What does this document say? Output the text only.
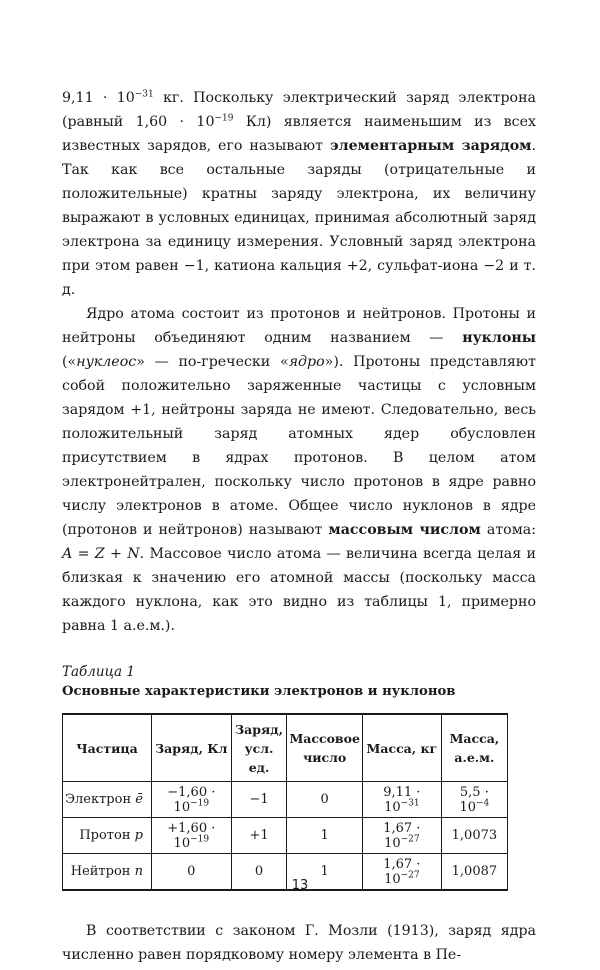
$9,11 \cdot 10^{-31}$ кг. Поскольку электрический заряд электрона (равный $1,60 \cdot 10^{-19}$ Кл) является наименьшим из всех известных зарядов, его называют элементарным зарядом. Так как все остальные заряды (отрицательные и положительные) кратны заряду электрона, их величину выражают в условных единицах, принимая абсолютный заряд электрона за единицу измерения. Условный заряд электрона при этом равен −1, катиона кальция +2, сульфат-иона −2 и т. д.

Ядро атома состоит из протонов и нейтронов. Протоны и нейтроны объединяют одним названием — нуклоны («нуклеос» — по-гречески «ядро»). Протоны представляют собой положительно заряженные частицы с условным зарядом +1, нейтроны заряда не имеют. Следовательно, весь положительный заряд атомных ядер обусловлен присутствием в ядрах протонов. В целом атом электронейтрален, поскольку число протонов в ядре равно числу электронов в атоме. Общее число нуклонов в ядре (протонов и нейтронов) называют массовым числом атома: A = Z + N. Массовое число атома — величина всегда целая и близкая к значению его атомной массы (поскольку масса каждого нуклона, как это видно из таблицы 1, примерно равна 1 а.е.м.).

Таблица 1
Основные характеристики электронов и нуклонов
Частица	Заряд, Кл	Заряд, усл. ед.	Массовое число	Масса, кг	Масса, а.е.м.
Электрон ē	$-1,60 \cdot 10^{-19}$	−1	0	$9,11 \cdot 10^{-31}$	$5,5 \cdot 10^{-4}$
Протон p	$+1,60 \cdot 10^{-19}$	+1	1	$1,67 \cdot 10^{-27}$	1,0073
Нейтрон n	0	0	1	$1,67 \cdot 10^{-27}$	1,0087

В соответствии с законом Г. Мозли (1913), заряд ядра численно равен порядковому номеру элемента в Пе-

13
